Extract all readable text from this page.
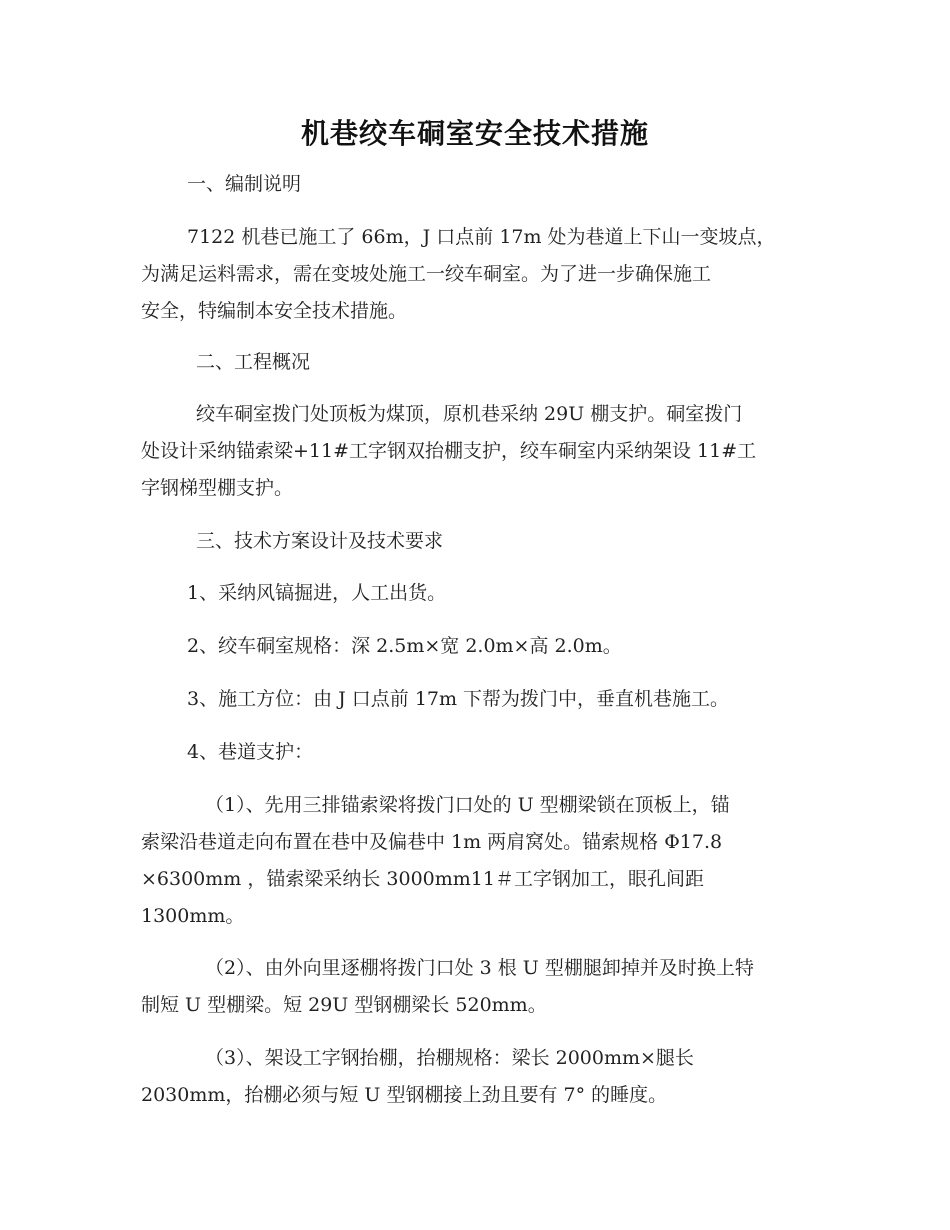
机巷绞车硐室安全技术措施
一、编制说明
7122 机巷已施工了 66m，J 口点前 17m 处为巷道上下山一变坡点，
为满足运料需求，需在变坡处施工一绞车硐室。为了进一步确保施工
安全，特编制本安全技术措施。
二、工程概况
绞车硐室拨门处顶板为煤顶，原机巷采纳 29U 棚支护。硐室拨门
处设计采纳锚索梁+11#工字钢双抬棚支护，绞车硐室内采纳架设 11#工
字钢梯型棚支护。
三、技术方案设计及技术要求
1、采纳风镐掘进，人工出货。
2、绞车硐室规格：深 2.5m×宽 2.0m×高 2.0m。
3、施工方位：由 J 口点前 17m 下帮为拨门中，垂直机巷施工。
4、巷道支护：
（1）、先用三排锚索梁将拨门口处的 U 型棚梁锁在顶板上，锚
索梁沿巷道走向布置在巷中及偏巷中 1m 两肩窝处。锚索规格 Φ17.8
×6300mm ，锚索梁采纳长 3000mm11＃工字钢加工，眼孔间距
1300mm。
（2）、由外向里逐棚将拨门口处 3 根 U 型棚腿卸掉并及时换上特
制短 U 型棚梁。短 29U 型钢棚梁长 520mm。
（3）、架设工字钢抬棚，抬棚规格：梁长 2000mm×腿长
2030mm，抬棚必须与短 U 型钢棚接上劲且要有 7° 的睡度。
